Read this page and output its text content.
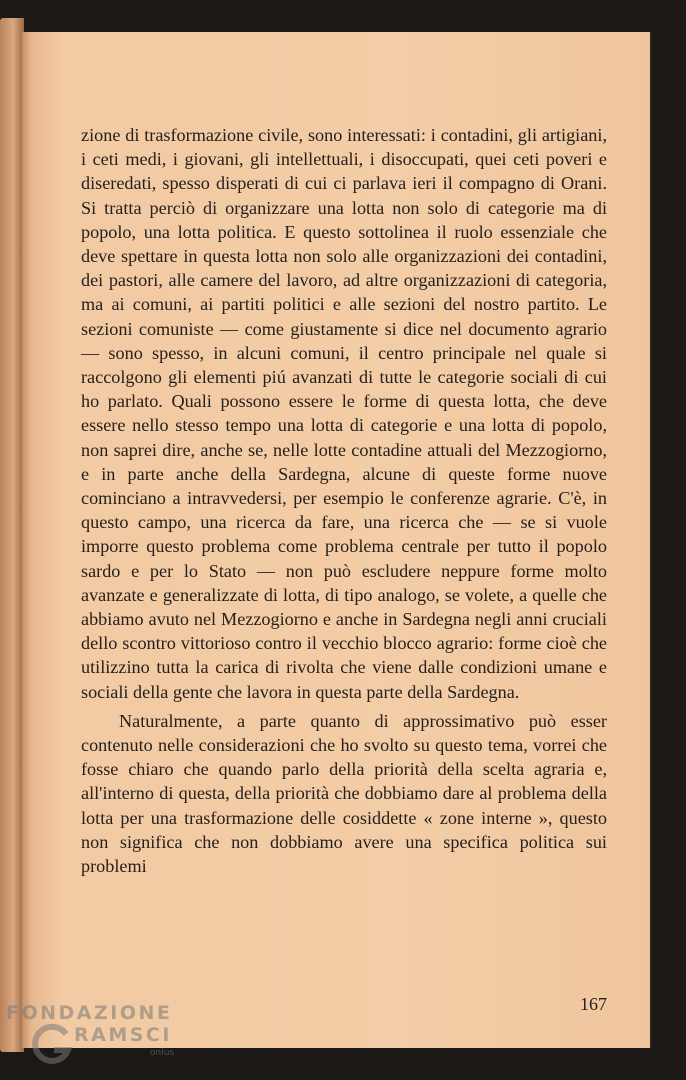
zione di trasformazione civile, sono interessati: i contadini, gli artigiani, i ceti medi, i giovani, gli intellettuali, i disoccupati, quei ceti poveri e diseredati, spesso disperati di cui ci parlava ieri il compagno di Orani. Si tratta perciò di organizzare una lotta non solo di categorie ma di popolo, una lotta politica. E questo sottolinea il ruolo essenziale che deve spettare in questa lotta non solo alle organizzazioni dei contadini, dei pastori, alle camere del lavoro, ad altre organizzazioni di categoria, ma ai comuni, ai partiti politici e alle sezioni del nostro partito. Le sezioni comuniste — come giustamente si dice nel documento agrario — sono spesso, in alcuni comuni, il centro principale nel quale si raccolgono gli elementi piú avanzati di tutte le categorie sociali di cui ho parlato. Quali possono essere le forme di questa lotta, che deve essere nello stesso tempo una lotta di categorie e una lotta di popolo, non saprei dire, anche se, nelle lotte contadine attuali del Mezzogiorno, e in parte anche della Sardegna, alcune di queste forme nuove cominciano a intravvedersi, per esempio le conferenze agrarie. C'è, in questo campo, una ricerca da fare, una ricerca che — se si vuole imporre questo problema come problema centrale per tutto il popolo sardo e per lo Stato — non può escludere neppure forme molto avanzate e generalizzate di lotta, di tipo analogo, se volete, a quelle che abbiamo avuto nel Mezzogiorno e anche in Sardegna negli anni cruciali dello scontro vittorioso contro il vecchio blocco agrario: forme cioè che utilizzino tutta la carica di rivolta che viene dalle condizioni umane e sociali della gente che lavora in questa parte della Sardegna.

Naturalmente, a parte quanto di approssimativo può esser contenuto nelle considerazioni che ho svolto su questo tema, vorrei che fosse chiaro che quando parlo della priorità della scelta agraria e, all'interno di questa, della priorità che dobbiamo dare al problema della lotta per una trasformazione delle cosiddette « zone interne », questo non significa che non dobbiamo avere una specifica politica sui problemi

167
FONDAZIONE
RAMSCI
onlus
